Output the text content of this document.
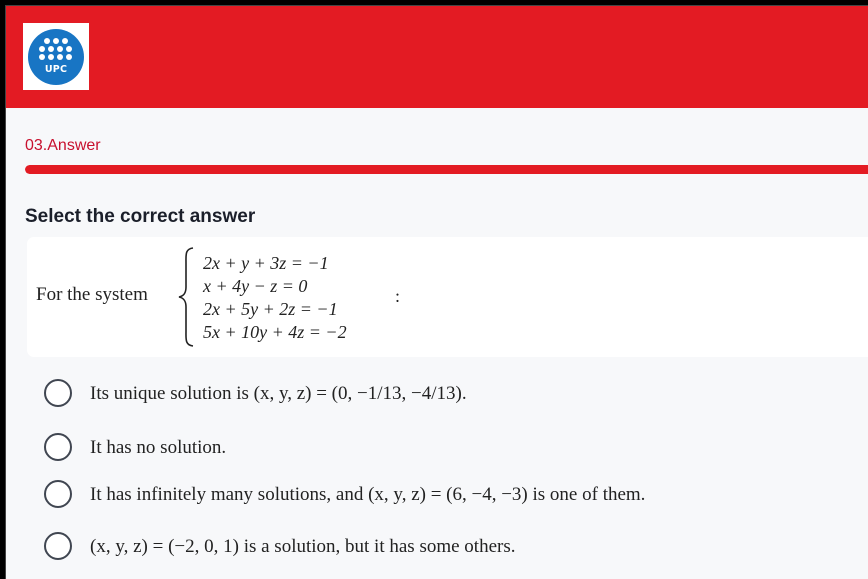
UPC
03.Answer
Select the correct answer
For the system
2x + y + 3z = −1
x + 4y − z = 0
2x + 5y + 2z = −1
5x + 10y + 4z = −2
:
Its unique solution is (x, y, z) = (0, −1/13, −4/13).
It has no solution.
It has infinitely many solutions, and (x, y, z) = (6, −4, −3) is one of them.
(x, y, z) = (−2, 0, 1) is a solution, but it has some others.
